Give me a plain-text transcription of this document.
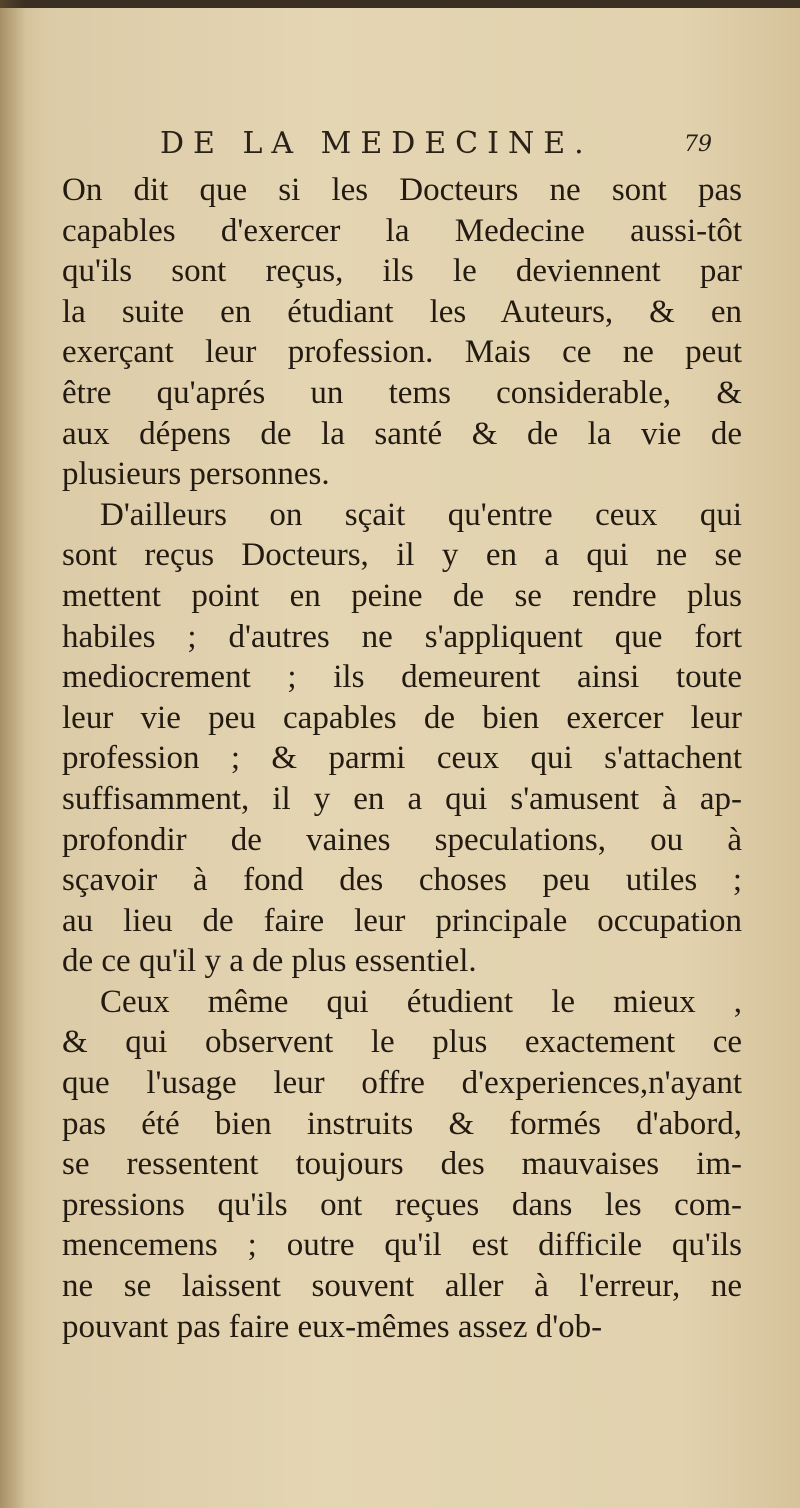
DE LA MEDECINE.	79
On dit que si les Docteurs ne sont pas
capables d'exercer la Medecine aussi-tôt
qu'ils sont reçus, ils le deviennent par
la suite en étudiant les Auteurs, & en
exerçant leur profession. Mais ce ne peut
être qu'aprés un tems considerable, &
aux dépens de la santé & de la vie de
plusieurs personnes.
D'ailleurs on sçait qu'entre ceux qui
sont reçus Docteurs, il y en a qui ne se
mettent point en peine de se rendre plus
habiles ; d'autres ne s'appliquent que fort
mediocrement ; ils demeurent ainsi toute
leur vie peu capables de bien exercer leur
profession ; & parmi ceux qui s'attachent
suffisamment, il y en a qui s'amusent à ap-
profondir de vaines speculations, ou à
sçavoir à fond des choses peu utiles ;
au lieu de faire leur principale occupation
de ce qu'il y a de plus essentiel.
Ceux même qui étudient le mieux ,
& qui observent le plus exactement ce
que l'usage leur offre d'experiences,n'ayant
pas été bien instruits & formés d'abord,
se ressentent toujours des mauvaises im-
pressions qu'ils ont reçues dans les com-
mencemens ; outre qu'il est difficile qu'ils
ne se laissent souvent aller à l'erreur, ne
pouvant pas faire eux-mêmes assez d'ob-
